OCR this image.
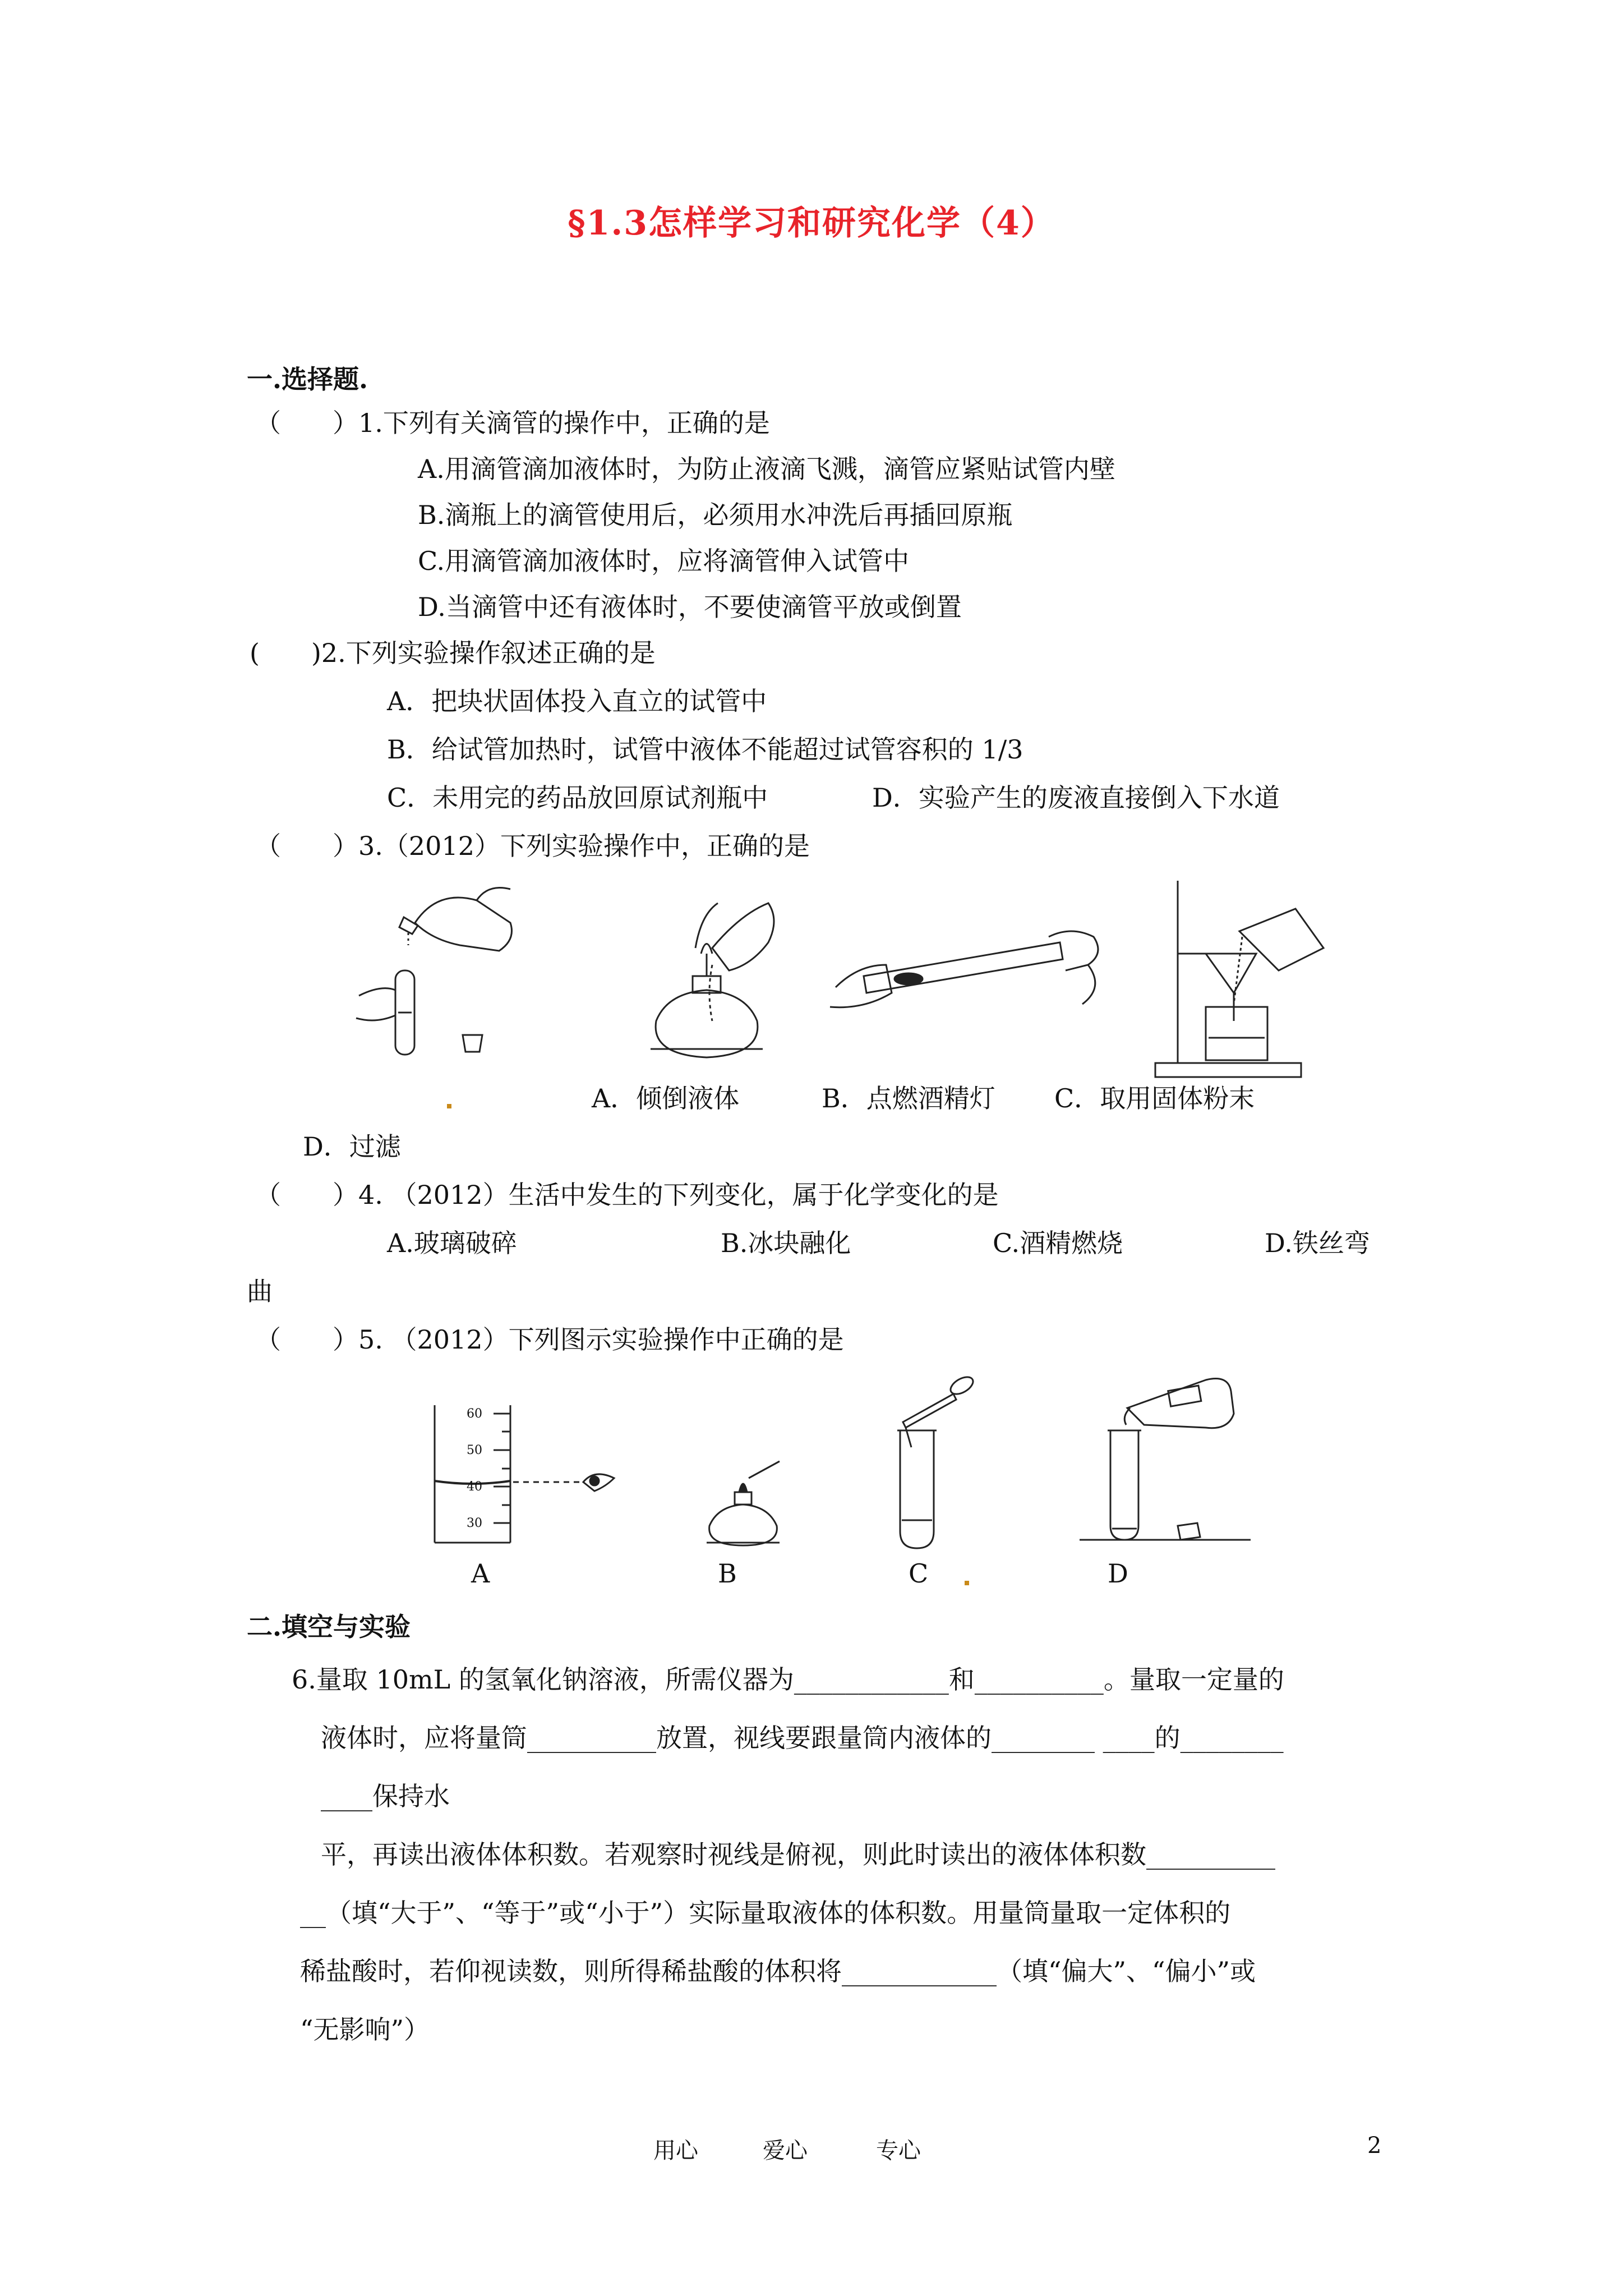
§1.3怎样学习和研究化学（4）
一.选择题.
（　　）1.下列有关滴管的操作中，正确的是
A.用滴管滴加液体时，为防止液滴飞溅，滴管应紧贴试管内壁
B.滴瓶上的滴管使用后，必须用水冲洗后再插回原瓶
C.用滴管滴加液体时，应将滴管伸入试管中
D.当滴管中还有液体时，不要使滴管平放或倒置
(　　)2.下列实验操作叙述正确的是
A．把块状固体投入直立的试管中
B．给试管加热时，试管中液体不能超过试管容积的 1/3
C．未用完的药品放回原试剂瓶中	D．实验产生的废液直接倒入下水道
（　　）3.（2012）下列实验操作中，正确的是
A．倾倒液体	B．点燃酒精灯 C．取用固体粉末
D．过滤
（　　）4. （2012）生活中发生的下列变化，属于化学变化的是
A.玻璃破碎	B.冰块融化	C.酒精燃烧	D.铁丝弯
曲
（　　）5. （2012）下列图示实验操作中正确的是
60
50
40
30
A	B	C	D
二.填空与实验
6.量取 10mL 的氢氧化钠溶液，所需仪器为____________和__________。量取一定量的
液体时，应将量筒__________放置，视线要跟量筒内液体的________ ____的________
____保持水
平，再读出液体体积数。若观察时视线是俯视，则此时读出的液体体积数__________
__（填“大于”、“等于”或“小于”）实际量取液体的体积数。用量筒量取一定体积的
稀盐酸时，若仰视读数，则所得稀盐酸的体积将____________（填“偏大”、“偏小”或
“无影响”）
用心	爱心	专心	2
